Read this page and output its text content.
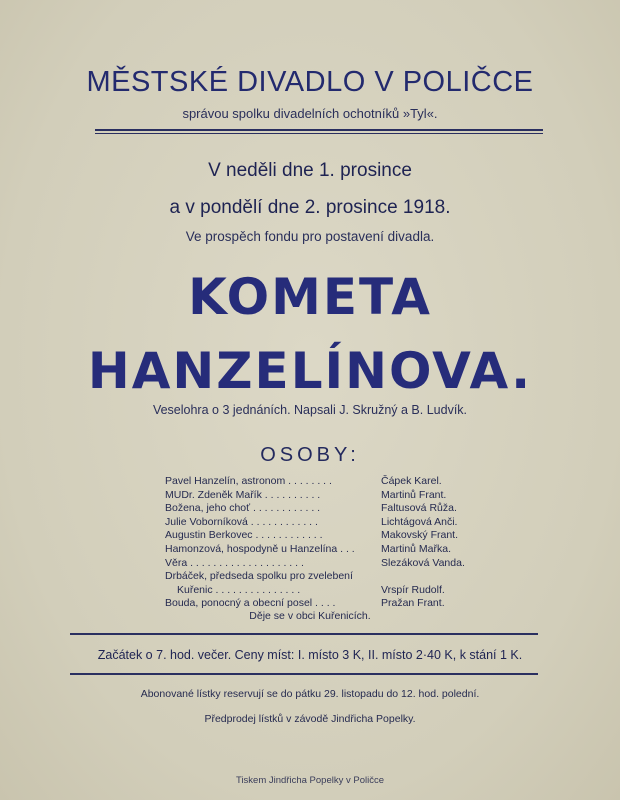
MĚSTSKÉ DIVADLO V POLIČCE
správou spolku divadelních ochotníků »Tyl«.
V neděli dne 1. prosince
a v pondělí dne 2. prosince 1918.
Ve prospěch fondu pro postavení divadla.
KOMETA
HANZELÍNOVA.
Veselohra o 3 jednáních. Napsali J. Skružný a B. Ludvík.
OSOBY:
Pavel Hanzelín, astronom . . . . . . . .	Čápek Karel.
MUDr. Zdeněk Mařík . . . . . . . . . .	Martinů Frant.
Božena, jeho choť . . . . . . . . . . . .	Faltusová Růža.
Julie Voborníková . . . . . . . . . . . .	Lichtágová Anči.
Augustin Berkovec . . . . . . . . . . . .	Makovský Frant.
Hamonzová, hospodyně u Hanzelína . . .	Martinů Mařka.
Věra . . . . . . . . . . . . . . . . . . . .	Slezáková Vanda.
Drbáček, předseda spolku pro zvelebení
Kuřenic . . . . . . . . . . . . . . .	Vrspír Rudolf.
Bouda, ponocný a obecní posel . . . .	Pražan Frant.
Děje se v obci Kuřenicích.
Začátek o 7. hod. večer. Ceny míst: I. místo 3 K, II. místo 2·40 K, k stání 1 K.
Abonované lístky reservují se do pátku 29. listopadu do 12. hod. polední.
Předprodej lístků v závodě Jindřicha Popelky.
Tiskem Jindřicha Popelky v Poličce
